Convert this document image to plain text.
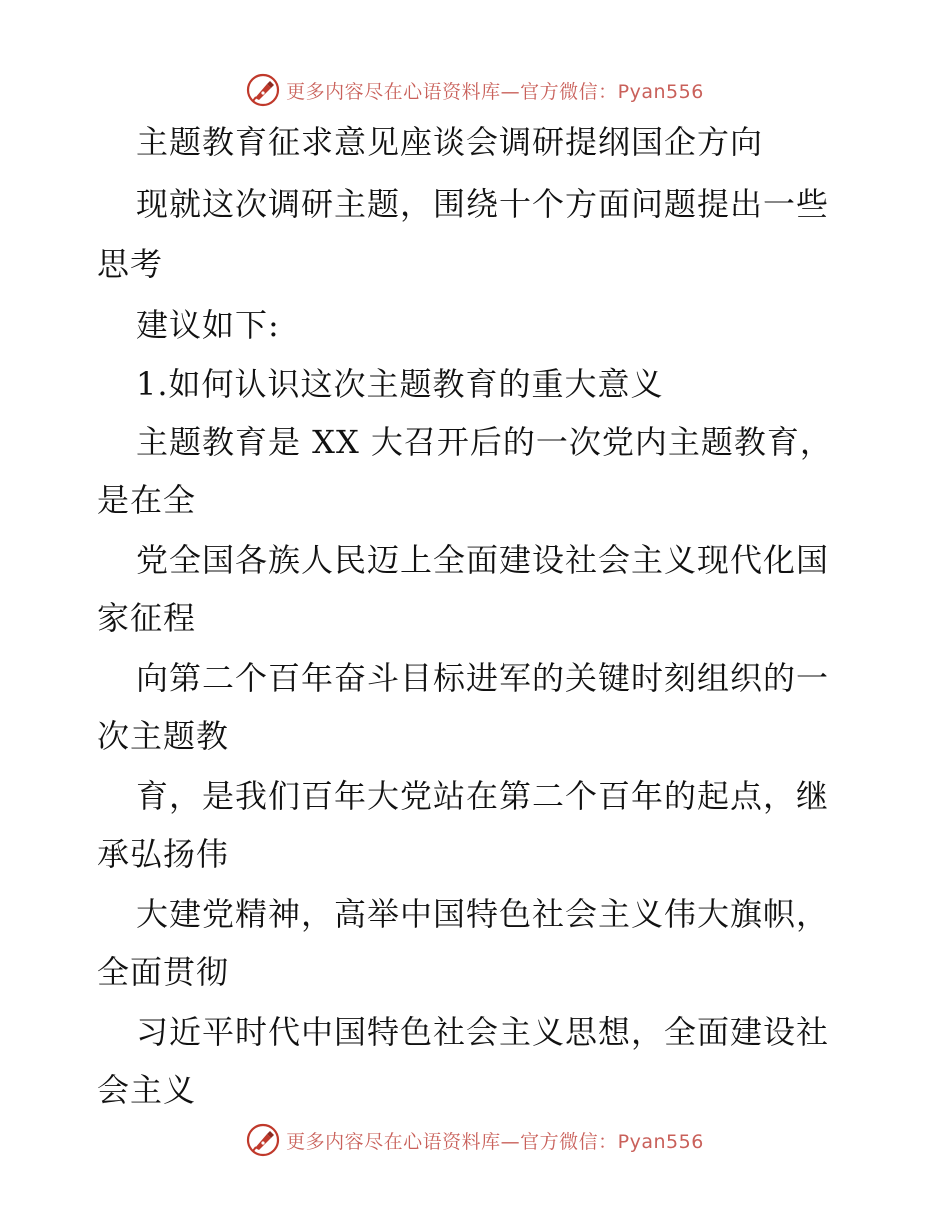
更多内容尽在心语资料库—官方微信：Pyan556
主题教育征求意见座谈会调研提纲国企方向
现就这次调研主题，围绕十个方面问题提出一些
思考
建议如下:
1.如何认识这次主题教育的重大意义
主题教育是 XX 大召开后的一次党内主题教育，
是在全
党全国各族人民迈上全面建设社会主义现代化国
家征程
向第二个百年奋斗目标进军的关键时刻组织的一
次主题教
育，是我们百年大党站在第二个百年的起点，继
承弘扬伟
大建党精神，高举中国特色社会主义伟大旗帜，
全面贯彻
习近平时代中国特色社会主义思想，全面建设社
会主义
更多内容尽在心语资料库—官方微信：Pyan556
